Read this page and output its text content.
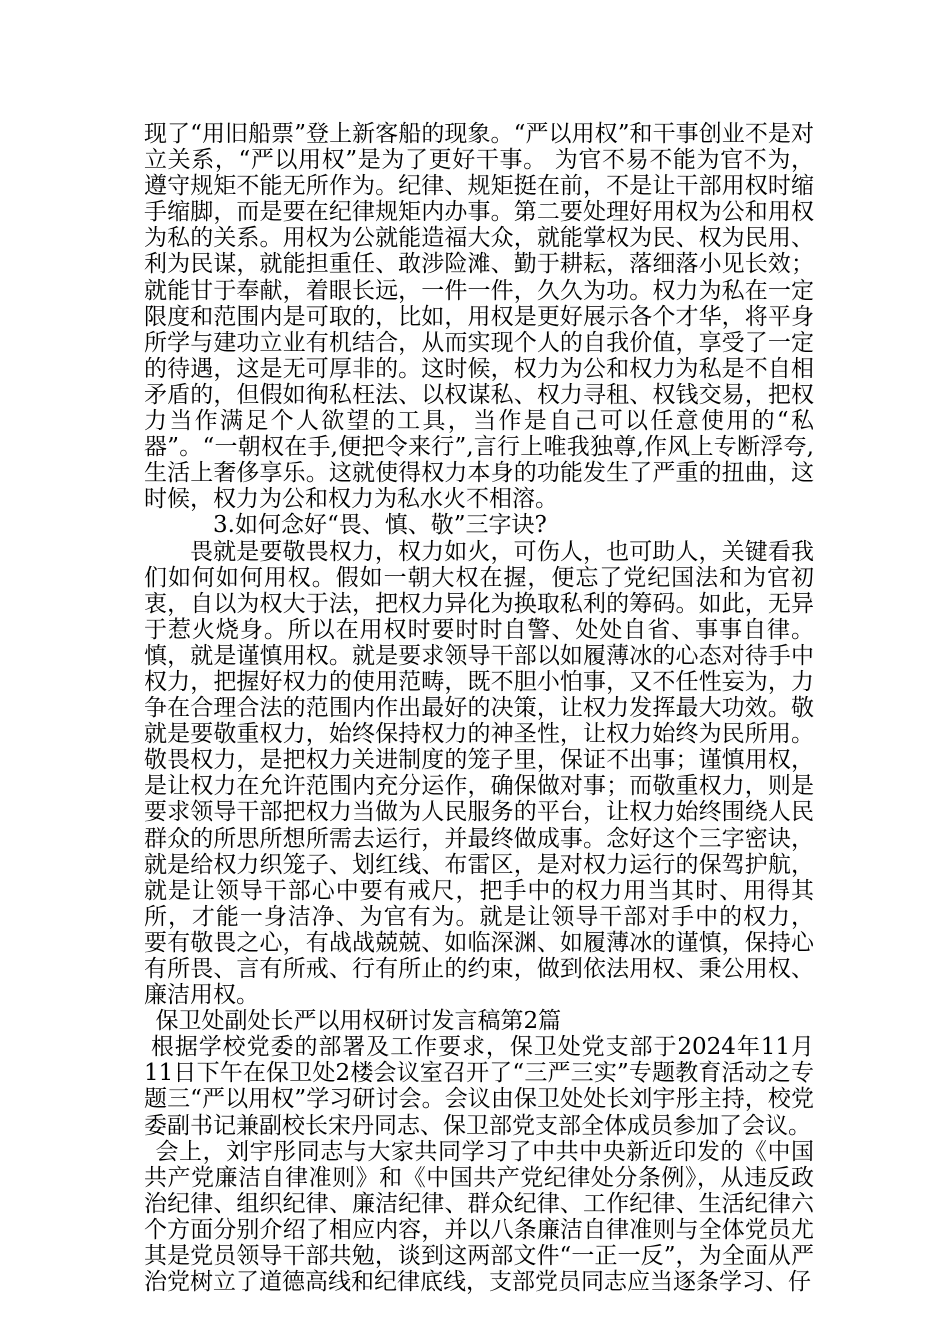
现了“用旧船票”登上新客船的现象。“严以用权”和干事创业不是对立关系，“严以用权”是为了更好干事。 为官不易不能为官不为，遵守规矩不能无所作为。纪律、规矩挺在前，不是让干部用权时缩手缩脚，而是要在纪律规矩内办事。第二要处理好用权为公和用权为私的关系。用权为公就能造福大众，就能掌权为民、权为民用、利为民谋，就能担重任、敢涉险滩、勤于耕耘，落细落小见长效；就能甘于奉献，着眼长远，一件一件，久久为功。权力为私在一定限度和范围内是可取的，比如，用权是更好展示各个才华，将平身所学与建功立业有机结合，从而实现个人的自我价值，享受了一定的待遇，这是无可厚非的。这时候，权力为公和权力为私是不自相矛盾的，但假如徇私枉法、以权谋私、权力寻租、权钱交易，把权力当作满足个人欲望的工具，当作是自己可以任意使用的“私器”。“一朝权在手,便把令来行”,言行上唯我独尊,作风上专断浮夸,生活上奢侈享乐。这就使得权力本身的功能发生了严重的扭曲，这时候，权力为公和权力为私水火不相溶。

3.如何念好“畏、慎、敬”三字诀?

畏就是要敬畏权力，权力如火，可伤人，也可助人，关键看我们如何如何用权。假如一朝大权在握，便忘了党纪国法和为官初衷，自以为权大于法，把权力异化为换取私利的筹码。如此，无异于惹火烧身。所以在用权时要时时自警、处处自省、事事自律。慎，就是谨慎用权。就是要求领导干部以如履薄冰的心态对待手中权力，把握好权力的使用范畴，既不胆小怕事，又不任性妄为，力争在合理合法的范围内作出最好的决策，让权力发挥最大功效。敬就是要敬重权力，始终保持权力的神圣性，让权力始终为民所用。敬畏权力，是把权力关进制度的笼子里，保证不出事；谨慎用权，是让权力在允许范围内充分运作，确保做对事；而敬重权力，则是要求领导干部把权力当做为人民服务的平台，让权力始终围绕人民群众的所思所想所需去运行，并最终做成事。念好这个三字密诀，就是给权力织笼子、划红线、布雷区，是对权力运行的保驾护航，就是让领导干部心中要有戒尺，把手中的权力用当其时、用得其所，才能一身洁净、为官有为。就是让领导干部对手中的权力， 要有敬畏之心，有战战兢兢、如临深渊、如履薄冰的谨慎，保持心有所畏、言有所戒、行有所止的约束，做到依法用权、秉公用权、廉洁用权。

保卫处副处长严以用权研讨发言稿第2篇

根据学校党委的部署及工作要求，保卫处党支部于2024年11月11日下午在保卫处2楼会议室召开了“三严三实”专题教育活动之专题三“严以用权”学习研讨会。会议由保卫处处长刘宇彤主持，校党委副书记兼副校长宋丹同志、保卫部党支部全体成员参加了会议。

会上，刘宇彤同志与大家共同学习了中共中央新近印发的《中国共产党廉洁自律准则》和《中国共产党纪律处分条例》，从违反政治纪律、组织纪律、廉洁纪律、群众纪律、工作纪律、生活纪律六个方面分别介绍了相应内容，并以八条廉洁自律准则与全体党员尤其是党员领导干部共勉，谈到这两部文件“一正一反”，为全面从严治党树立了道德高线和纪律底线，支部党员同志应当逐条学习、仔
